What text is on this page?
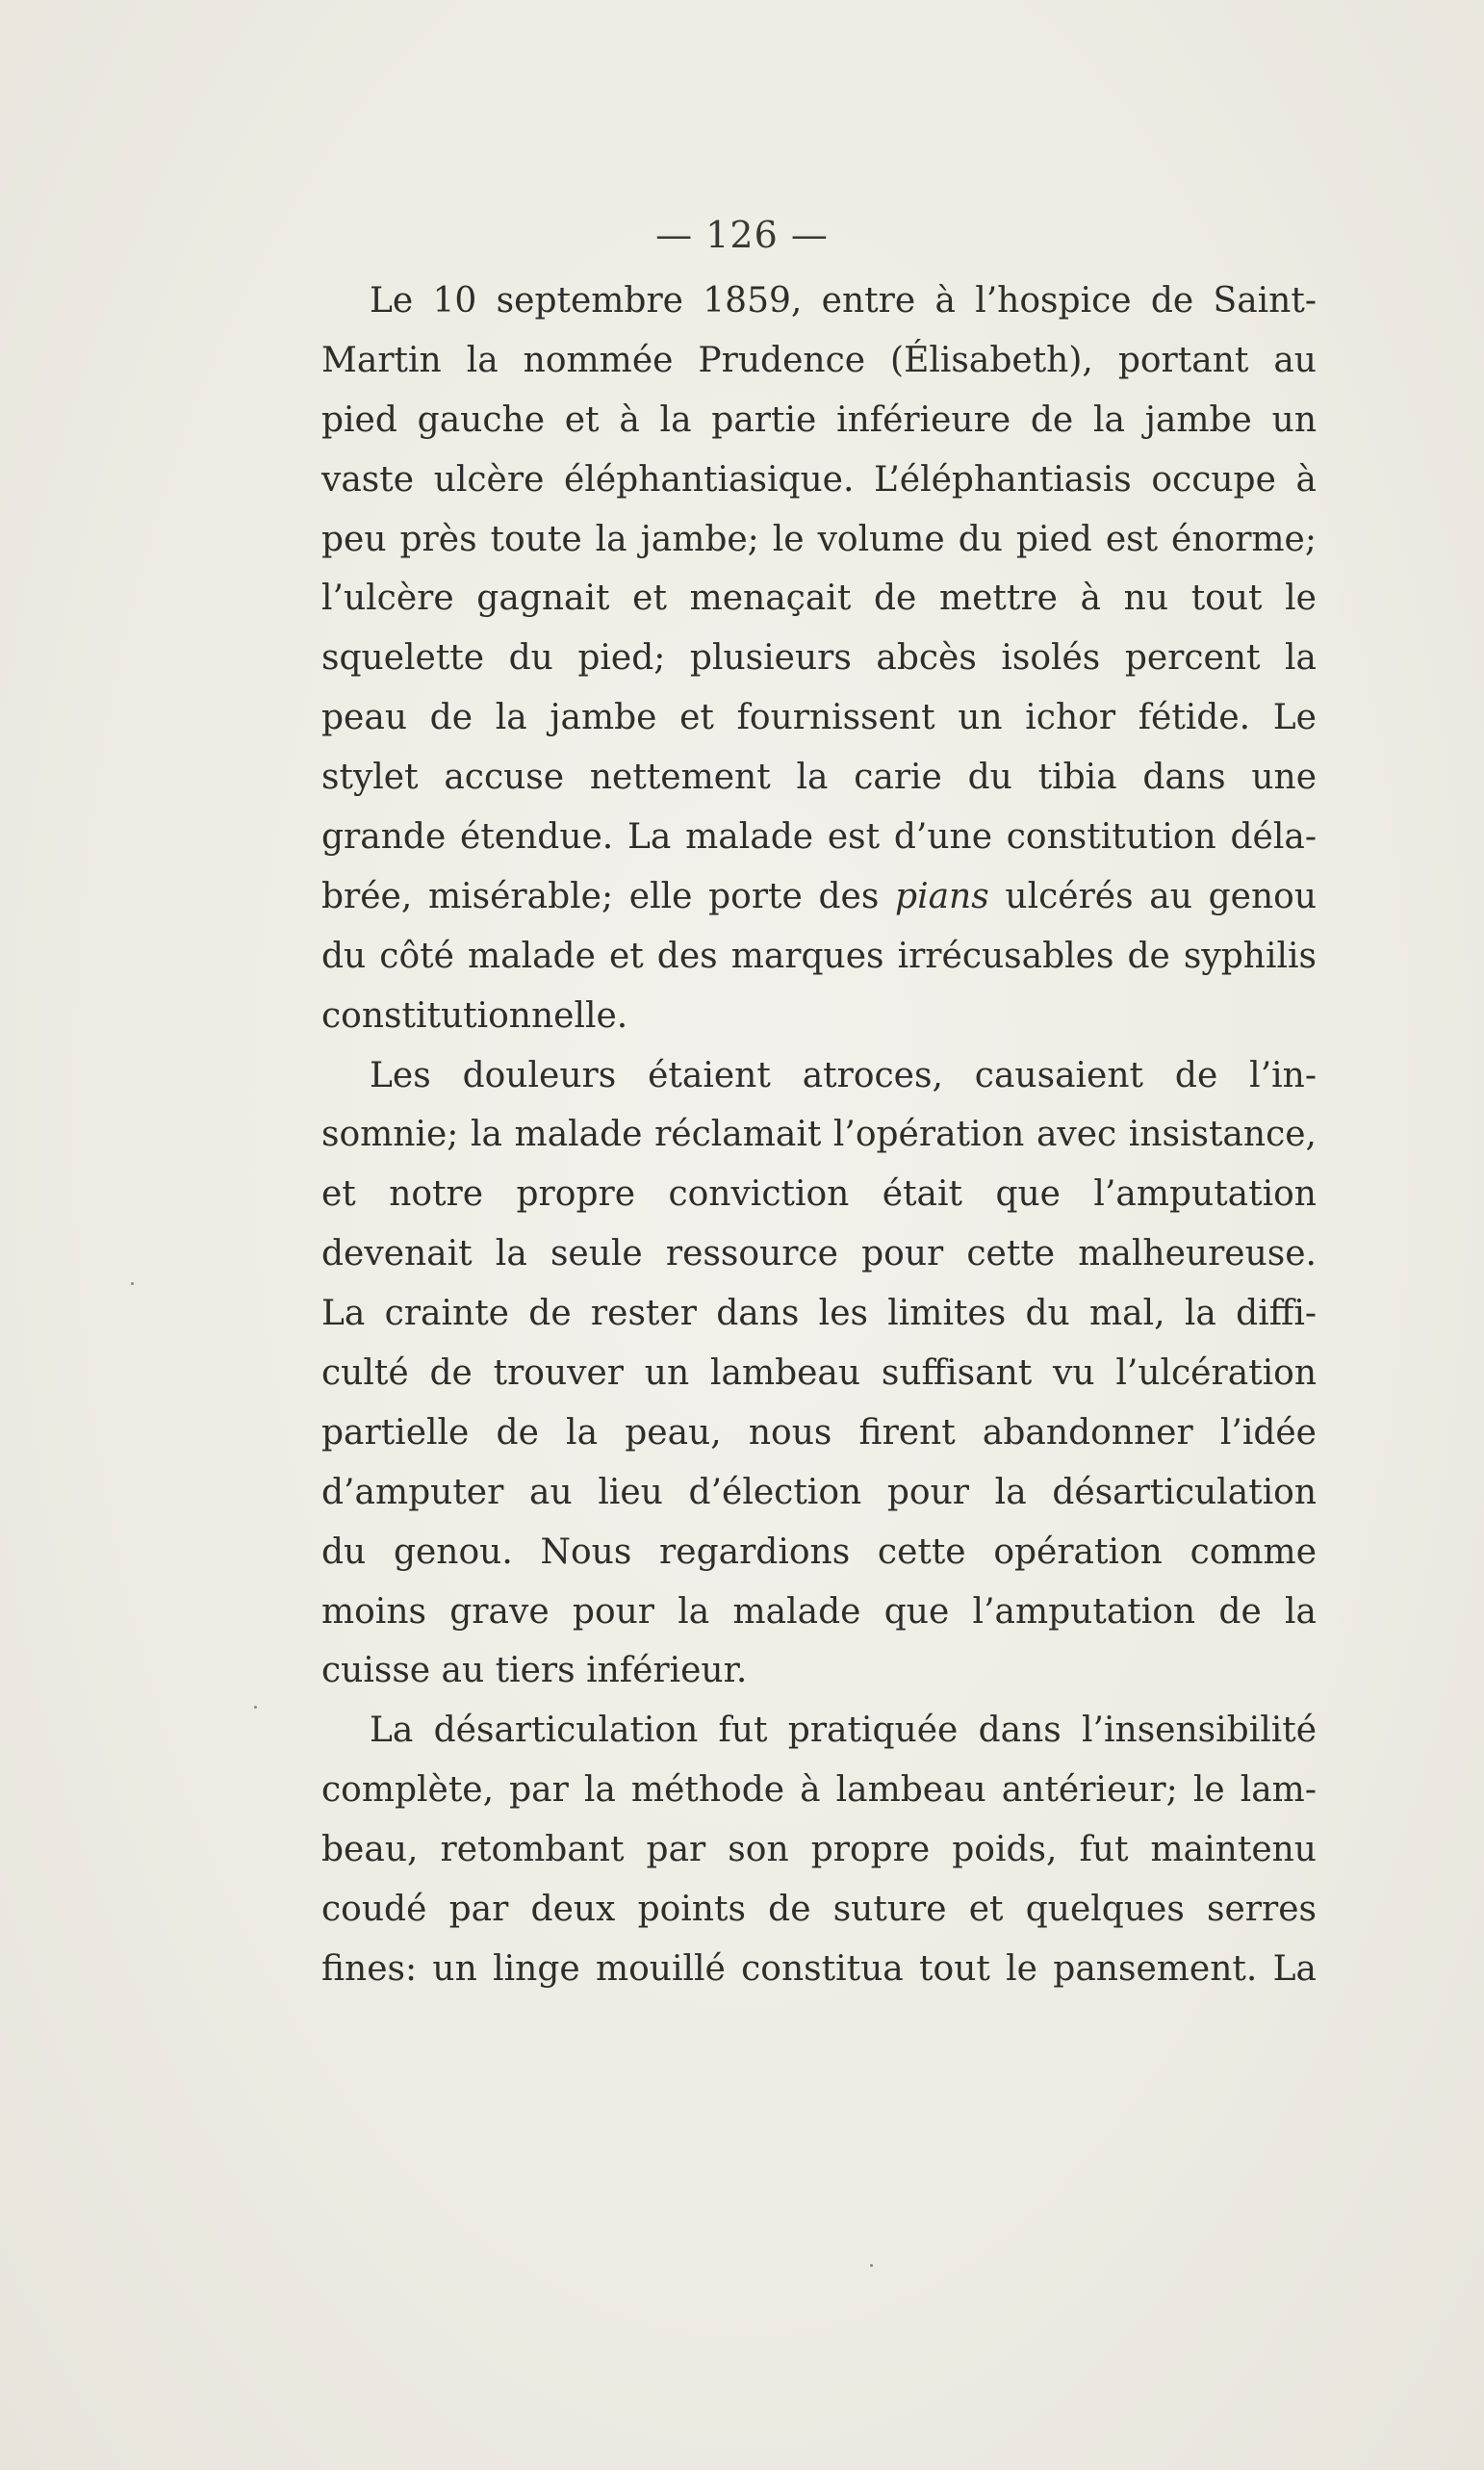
— 126 —
Le 10 septembre 1859, entre à l’hospice de Saint-
Martin la nommée Prudence (Élisabeth), portant au
pied gauche et à la partie inférieure de la jambe un
vaste ulcère éléphantiasique. L’éléphantiasis occupe à
peu près toute la jambe; le volume du pied est énorme;
l’ulcère gagnait et menaçait de mettre à nu tout le
squelette du pied; plusieurs abcès isolés percent la
peau de la jambe et fournissent un ichor fétide. Le
stylet accuse nettement la carie du tibia dans une
grande étendue. La malade est d’une constitution déla-
brée, misérable; elle porte des pians ulcérés au genou
du côté malade et des marques irrécusables de syphilis
constitutionnelle.
Les douleurs étaient atroces, causaient de l’in-
somnie; la malade réclamait l’opération avec insistance,
et notre propre conviction était que l’amputation
devenait la seule ressource pour cette malheureuse.
La crainte de rester dans les limites du mal, la diffi-
culté de trouver un lambeau suffisant vu l’ulcération
partielle de la peau, nous firent abandonner l’idée
d’amputer au lieu d’élection pour la désarticulation
du genou. Nous regardions cette opération comme
moins grave pour la malade que l’amputation de la
cuisse au tiers inférieur.
La désarticulation fut pratiquée dans l’insensibilité
complète, par la méthode à lambeau antérieur; le lam-
beau, retombant par son propre poids, fut maintenu
coudé par deux points de suture et quelques serres
fines: un linge mouillé constitua tout le pansement. La
